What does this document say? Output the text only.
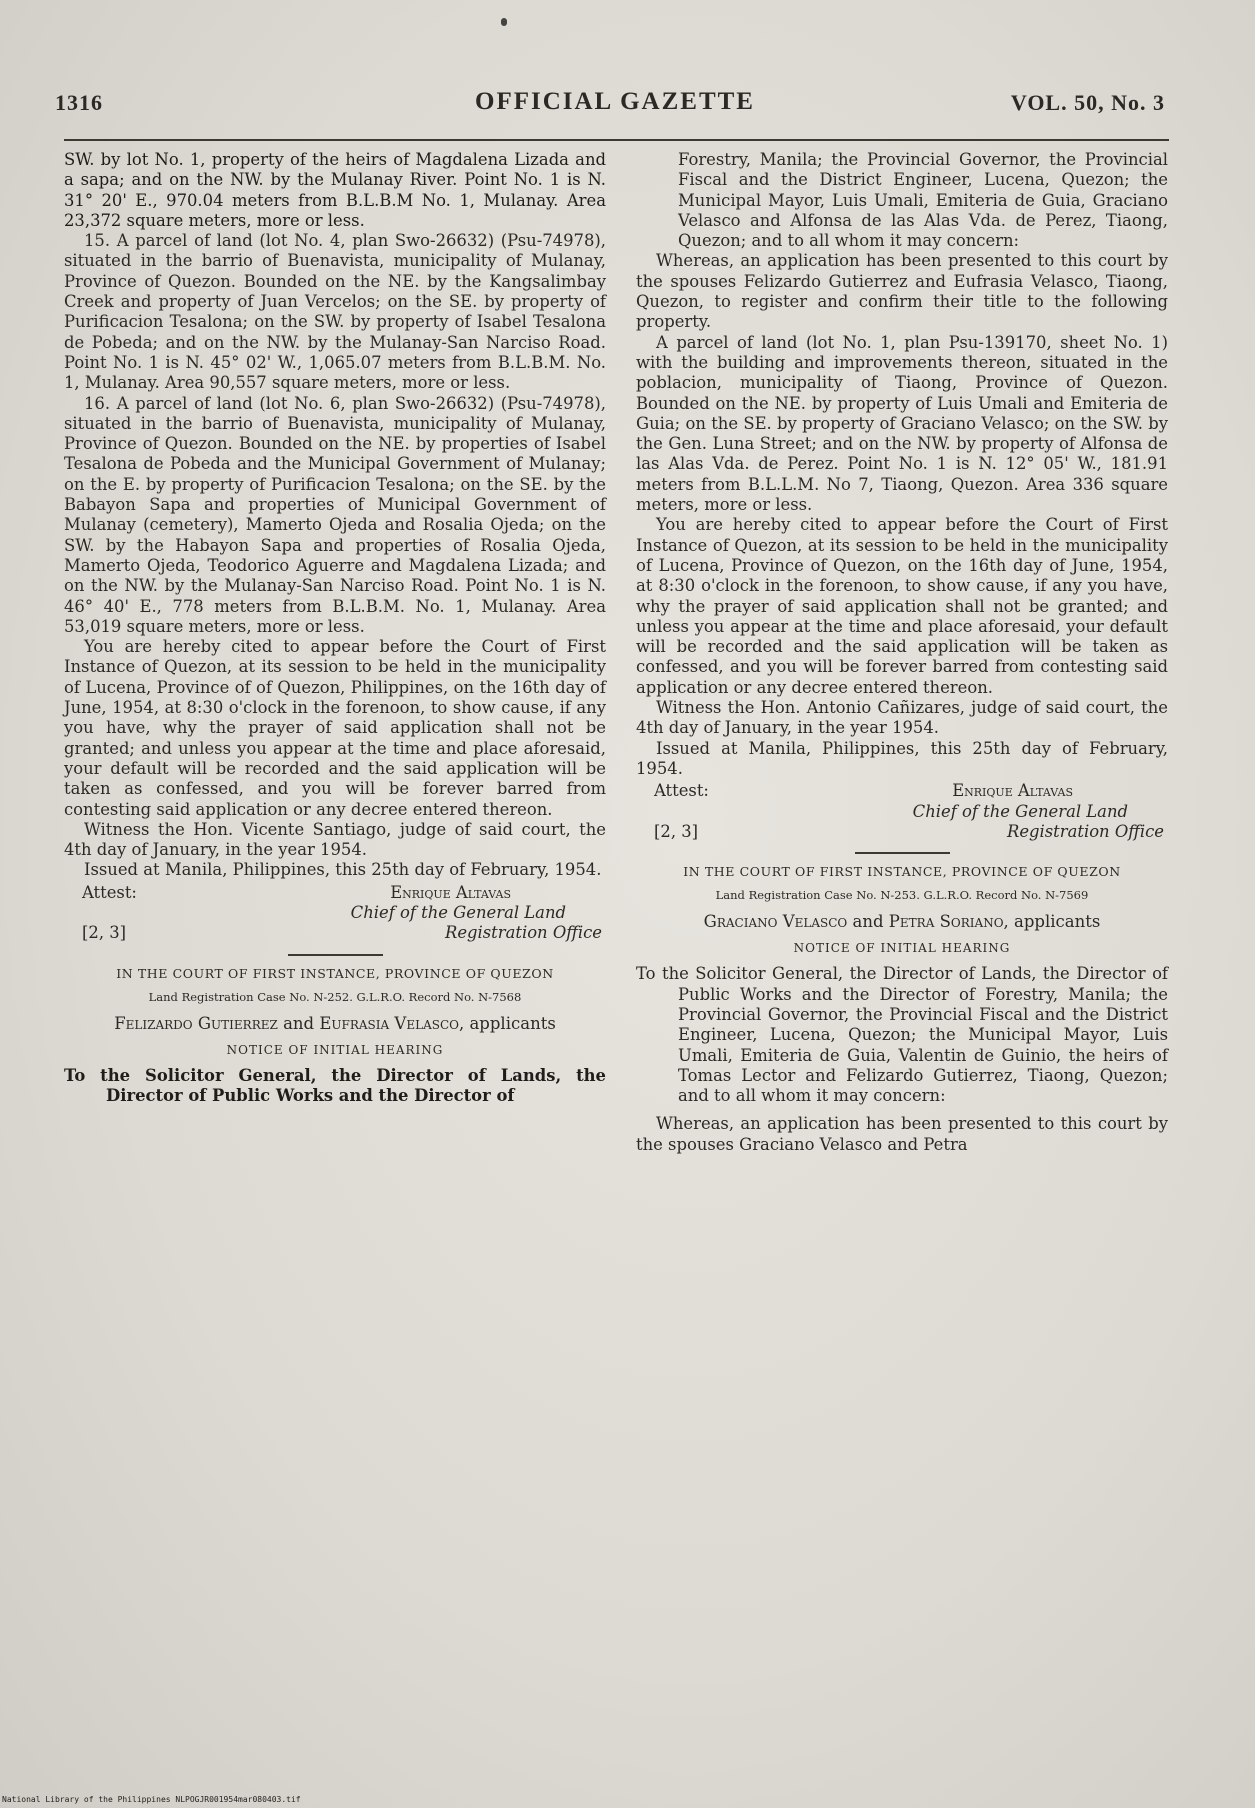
1316	OFFICIAL GAZETTE	VOL. 50, No. 3

SW. by lot No. 1, property of the heirs of Magdalena Lizada and a sapa; and on the NW. by the Mulanay River. Point No. 1 is N. 31° 20' E., 970.04 meters from B.L.B.M No. 1, Mulanay. Area 23,372 square meters, more or less.

15. A parcel of land (lot No. 4, plan Swo-26632) (Psu-74978), situated in the barrio of Buenavista, municipality of Mulanay, Province of Quezon. Bounded on the NE. by the Kangsalimbay Creek and property of Juan Vercelos; on the SE. by property of Purificacion Tesalona; on the SW. by property of Isabel Tesalona de Pobeda; and on the NW. by the Mulanay-San Narciso Road. Point No. 1 is N. 45° 02' W., 1,065.07 meters from B.L.B.M. No. 1, Mulanay. Area 90,557 square meters, more or less.

16. A parcel of land (lot No. 6, plan Swo-26632) (Psu-74978), situated in the barrio of Buenavista, municipality of Mulanay, Province of Quezon. Bounded on the NE. by properties of Isabel Tesalona de Pobeda and the Municipal Government of Mulanay; on the E. by property of Purificacion Tesalona; on the SE. by the Babayon Sapa and properties of Municipal Government of Mulanay (cemetery), Mamerto Ojeda and Rosalia Ojeda; on the SW. by the Habayon Sapa and properties of Rosalia Ojeda, Mamerto Ojeda, Teodorico Aguerre and Magdalena Lizada; and on the NW. by the Mulanay-San Narciso Road. Point No. 1 is N. 46° 40' E., 778 meters from B.L.B.M. No. 1, Mulanay. Area 53,019 square meters, more or less.

You are hereby cited to appear before the Court of First Instance of Quezon, at its session to be held in the municipality of Lucena, Province of of Quezon, Philippines, on the 16th day of June, 1954, at 8:30 o'clock in the forenoon, to show cause, if any you have, why the prayer of said application shall not be granted; and unless you appear at the time and place aforesaid, your default will be recorded and the said application will be taken as confessed, and you will be forever barred from contesting said application or any decree entered thereon.

Witness the Hon. Vicente Santiago, judge of said court, the 4th day of January, in the year 1954.

Issued at Manila, Philippines, this 25th day of February, 1954.

Attest:	Enrique Altavas
Chief of the General Land
[2, 3]	Registration Office
IN THE COURT OF FIRST INSTANCE, PROVINCE OF QUEZON
Land Registration Case No. N-252. G.L.R.O. Record No. N-7568
Felizardo Gutierrez and Eufrasia Velasco, applicants
NOTICE OF INITIAL HEARING

To the Solicitor General, the Director of Lands, the Director of Public Works and the Director of

Forestry, Manila; the Provincial Governor, the Provincial Fiscal and the District Engineer, Lucena, Quezon; the Municipal Mayor, Luis Umali, Emiteria de Guia, Graciano Velasco and Alfonsa de las Alas Vda. de Perez, Tiaong, Quezon; and to all whom it may concern:

Whereas, an application has been presented to this court by the spouses Felizardo Gutierrez and Eufrasia Velasco, Tiaong, Quezon, to register and confirm their title to the following property.

A parcel of land (lot No. 1, plan Psu-139170, sheet No. 1) with the building and improvements thereon, situated in the poblacion, municipality of Tiaong, Province of Quezon. Bounded on the NE. by property of Luis Umali and Emiteria de Guia; on the SE. by property of Graciano Velasco; on the SW. by the Gen. Luna Street; and on the NW. by property of Alfonsa de las Alas Vda. de Perez. Point No. 1 is N. 12° 05' W., 181.91 meters from B.L.L.M. No 7, Tiaong, Quezon. Area 336 square meters, more or less.

You are hereby cited to appear before the Court of First Instance of Quezon, at its session to be held in the municipality of Lucena, Province of Quezon, on the 16th day of June, 1954, at 8:30 o'clock in the forenoon, to show cause, if any you have, why the prayer of said application shall not be granted; and unless you appear at the time and place aforesaid, your default will be recorded and the said application will be taken as confessed, and you will be forever barred from contesting said application or any decree entered thereon.

Witness the Hon. Antonio Cañizares, judge of said court, the 4th day of January, in the year 1954.

Issued at Manila, Philippines, this 25th day of February, 1954.

Attest:	Enrique Altavas
Chief of the General Land
[2, 3]	Registration Office
IN THE COURT OF FIRST INSTANCE, PROVINCE OF QUEZON
Land Registration Case No. N-253. G.L.R.O. Record No. N-7569
Graciano Velasco and Petra Soriano, applicants
NOTICE OF INITIAL HEARING

To the Solicitor General, the Director of Lands, the Director of Public Works and the Director of Forestry, Manila; the Provincial Governor, the Provincial Fiscal and the District Engineer, Lucena, Quezon; the Municipal Mayor, Luis Umali, Emiteria de Guia, Valentin de Guinio, the heirs of Tomas Lector and Felizardo Gutierrez, Tiaong, Quezon; and to all whom it may concern:

Whereas, an application has been presented to this court by the spouses Graciano Velasco and Petra

National Library of the Philippines NLPOGJR001954mar080403.tif
